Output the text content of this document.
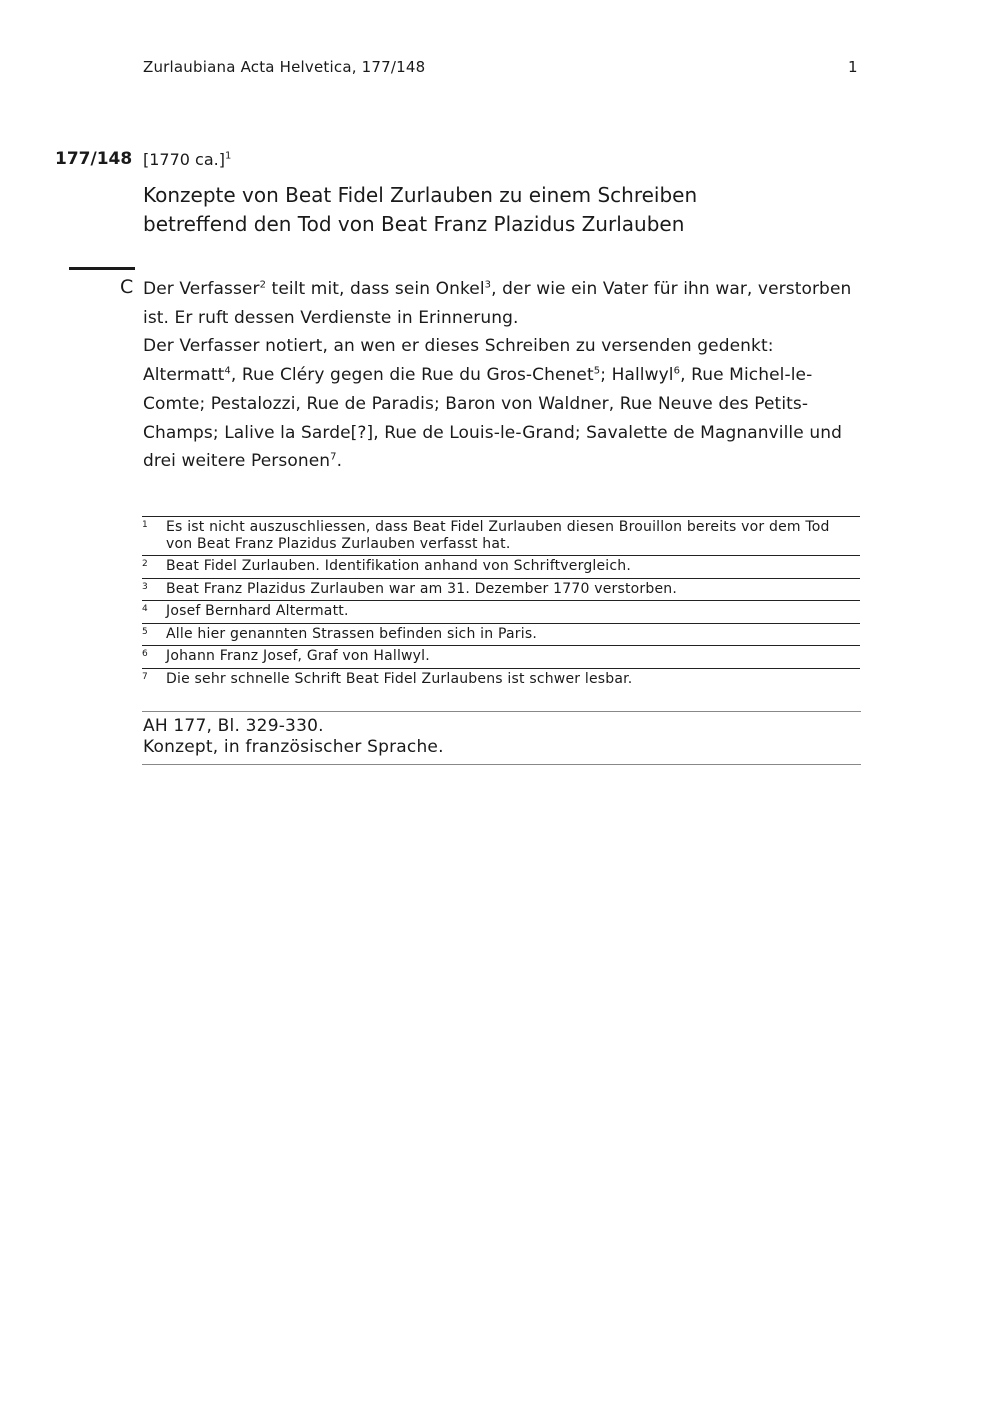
Zurlaubiana Acta Helvetica, 177/148	1
177/148 [1770 ca.]$^1$
Konzepte von Beat Fidel Zurlauben zu einem Schreiben betreffend den Tod von Beat Franz Plazidus Zurlauben
C Der Verfasser$^2$ teilt mit, dass sein Onkel$^3$, der wie ein Vater für ihn war, verstorben ist. Er ruft dessen Verdienste in Erinnerung.

Der Verfasser notiert, an wen er dieses Schreiben zu versenden gedenkt: Altermatt$^4$, Rue Cléry gegen die Rue du Gros-Chenet$^5$; Hallwyl$^6$, Rue Michel-le-Comte; Pestalozzi, Rue de Paradis; Baron von Waldner, Rue Neuve des Petits-Champs; Lalive la Sarde[?], Rue de Louis-le-Grand; Savalette de Magnanville und drei weitere Personen$^7$.

1 Es ist nicht auszuschliessen, dass Beat Fidel Zurlauben diesen Brouillon bereits vor dem Tod von Beat Franz Plazidus Zurlauben verfasst hat.
2 Beat Fidel Zurlauben. Identifikation anhand von Schriftvergleich.
3 Beat Franz Plazidus Zurlauben war am 31. Dezember 1770 verstorben.
4 Josef Bernhard Altermatt.
5 Alle hier genannten Strassen befinden sich in Paris.
6 Johann Franz Josef, Graf von Hallwyl.
7 Die sehr schnelle Schrift Beat Fidel Zurlaubens ist schwer lesbar.
AH 177, Bl. 329-330.
Konzept, in französischer Sprache.
